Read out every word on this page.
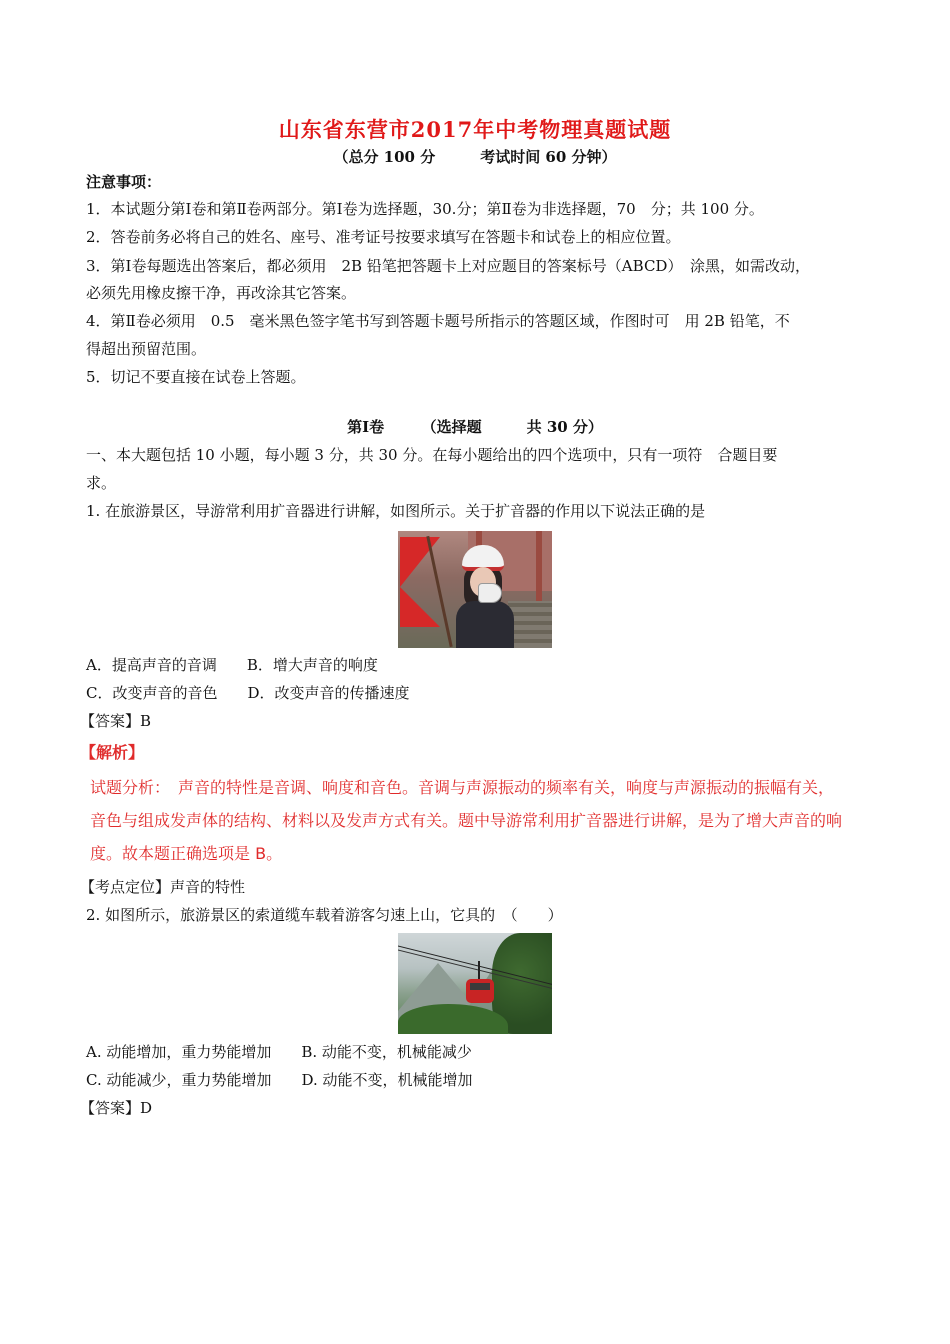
山东省东营市2017年中考物理真题试题
（总分 100 分　　　考试时间 60 分钟）
注意事项：
1．本试题分第Ⅰ卷和第Ⅱ卷两部分。第Ⅰ卷为选择题，30.分；第Ⅱ卷为非选择题，70　分；共 100 分。
2．答卷前务必将自己的姓名、座号、准考证号按要求填写在答题卡和试卷上的相应位置。
3．第Ⅰ卷每题选出答案后，都必须用　2B 铅笔把答题卡上对应题目的答案标号（ABCD）　涂黑，如需改动，
必须先用橡皮擦干净，再改涂其它答案。
4．第Ⅱ卷必须用　0.5　毫米黑色签字笔书写到答题卡题号所指示的答题区域，作图时可　用 2B 铅笔，不
得超出预留范围。
5．切记不要直接在试卷上答题。
第Ⅰ卷　　　（选择题　　　共 30 分）
一、本大题包括 10 小题，每小题 3 分，共 30 分。在每小题给出的四个选项中，只有一项符　合题目要
求。
1. 在旅游景区，导游常利用扩音器进行讲解，如图所示。关于扩音器的作用以下说法正确的是
A．提高声音的音调　　B．增大声音的响度
C．改变声音的音色　　D．改变声音的传播速度
【答案】B
【解析】
试题分析：　声音的特性是音调、响度和音色。音调与声源振动的频率有关，响度与声源振动的振幅有关，
音色与组成发声体的结构、材料以及发声方式有关。题中导游常利用扩音器进行讲解，是为了增大声音的响
度。故本题正确选项是 B。
【考点定位】声音的特性
2. 如图所示，旅游景区的索道缆车载着游客匀速上山，它具的　（　　）
A. 动能增加，重力势能增加　　B. 动能不变，机械能减少
C. 动能减少，重力势能增加　　D. 动能不变，机械能增加
【答案】D
